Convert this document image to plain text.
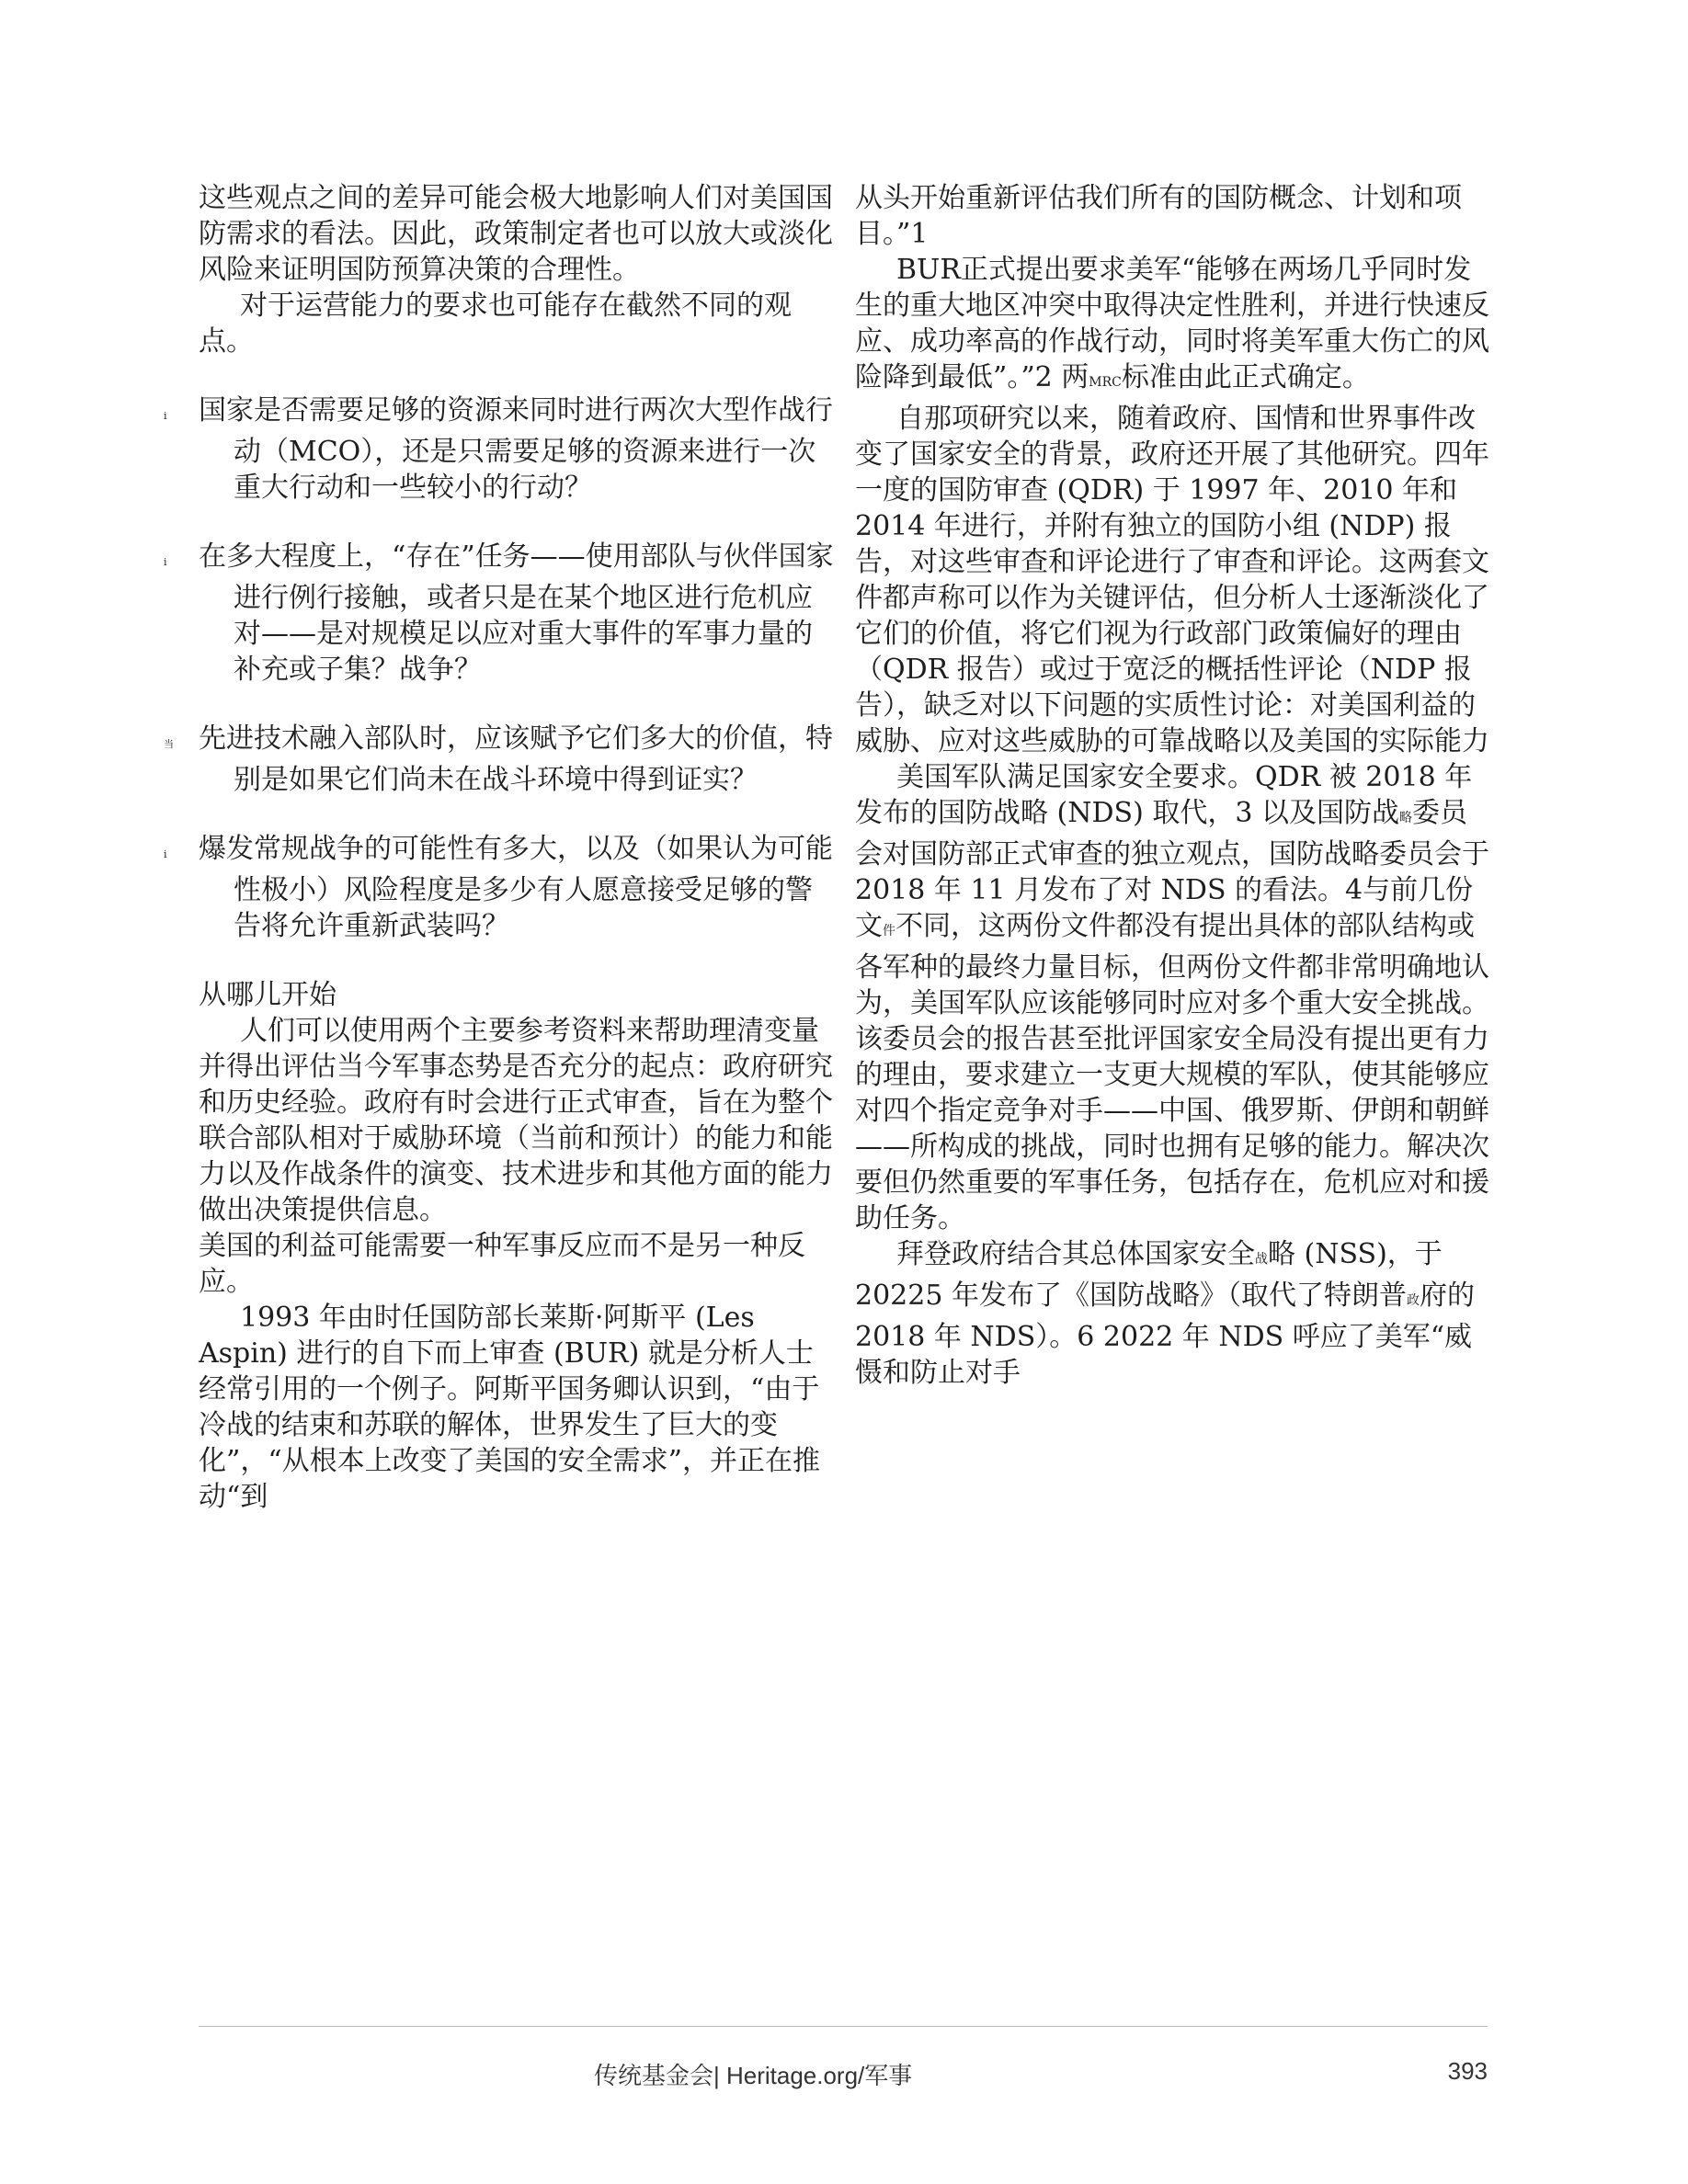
这些观点之间的差异可能会极大地影响人们对美国国防需求的看法。因此，政策制定者也可以放大或淡化风险来证明国防预算决策的合理性。

对于运营能力的要求也可能存在截然不同的观点。

i 国家是否需要足够的资源来同时进行两次大型作战行动（MCO），还是只需要足够的资源来进行一次重大行动和一些较小的行动？

i 在多大程度上，“存在”任务——使用部队与伙伴国家进行例行接触，或者只是在某个地区进行危机应对——是对规模足以应对重大事件的军事力量的补充或子集？战争？

当 先进技术融入部队时，应该赋予它们多大的价值，特别是如果它们尚未在战斗环境中得到证实？

i 爆发常规战争的可能性有多大，以及（如果认为可能性极小）风险程度是多少有人愿意接受足够的警告将允许重新武装吗？

从哪儿开始

人们可以使用两个主要参考资料来帮助理清变量并得出评估当今军事态势是否充分的起点：政府研究和历史经验。政府有时会进行正式审查，旨在为整个联合部队相对于威胁环境（当前和预计）的能力和能力以及作战条件的演变、技术进步和其他方面的能力做出决策提供信息。

美国的利益可能需要一种军事反应而不是另一种反应。

1993 年由时任国防部长莱斯·阿斯平 (Les Aspin) 进行的自下而上审查 (BUR) 就是分析人士经常引用的一个例子。阿斯平国务卿认识到，“由于冷战的结束和苏联的解体，世界发生了巨大的变化”，“从根本上改变了美国的安全需求”，并正在推动“到

从头开始重新评估我们所有的国防概念、计划和项目。”1

BUR正式提出要求美军“能够在两场几乎同时发生的重大地区冲突中取得决定性胜利，并进行快速反应、成功率高的作战行动，同时将美军重大伤亡的风险降到最低”。”2 两MRC标准由此正式确定。

自那项研究以来，随着政府、国情和世界事件改变了国家安全的背景，政府还开展了其他研究。四年一度的国防审查 (QDR) 于 1997 年、2010 年和 2014 年进行，并附有独立的国防小组 (NDP) 报告，对这些审查和评论进行了审查和评论。这两套文件都声称可以作为关键评估，但分析人士逐渐淡化了它们的价值，将它们视为行政部门政策偏好的理由（QDR 报告）或过于宽泛的概括性评论（NDP 报告），缺乏对以下问题的实质性讨论：对美国利益的威胁、应对这些威胁的可靠战略以及美国的实际能力

美国军队满足国家安全要求。QDR 被 2018 年发布的国防战略 (NDS) 取代，3 以及国防战略委员会对国防部正式审查的独立观点，国防战略委员会于 2018 年 11 月发布了对 NDS 的看法。4与前几份文件不同，这两份文件都没有提出具体的部队结构或各军种的最终力量目标，但两份文件都非常明确地认为，美国军队应该能够同时应对多个重大安全挑战。该委员会的报告甚至批评国家安全局没有提出更有力的理由，要求建立一支更大规模的军队，使其能够应对四个指定竞争对手——中国、俄罗斯、伊朗和朝鲜——所构成的挑战，同时也拥有足够的能力。解决次要但仍然重要的军事任务，包括存在，危机应对和援助任务。

拜登政府结合其总体国家安全战略 (NSS)，于 20225 年发布了《国防战略》（取代了特朗普政府的 2018 年 NDS）。6 2022 年 NDS 呼应了美军“威慑和防止对手

传统基金会| Heritage.org/军事	393
